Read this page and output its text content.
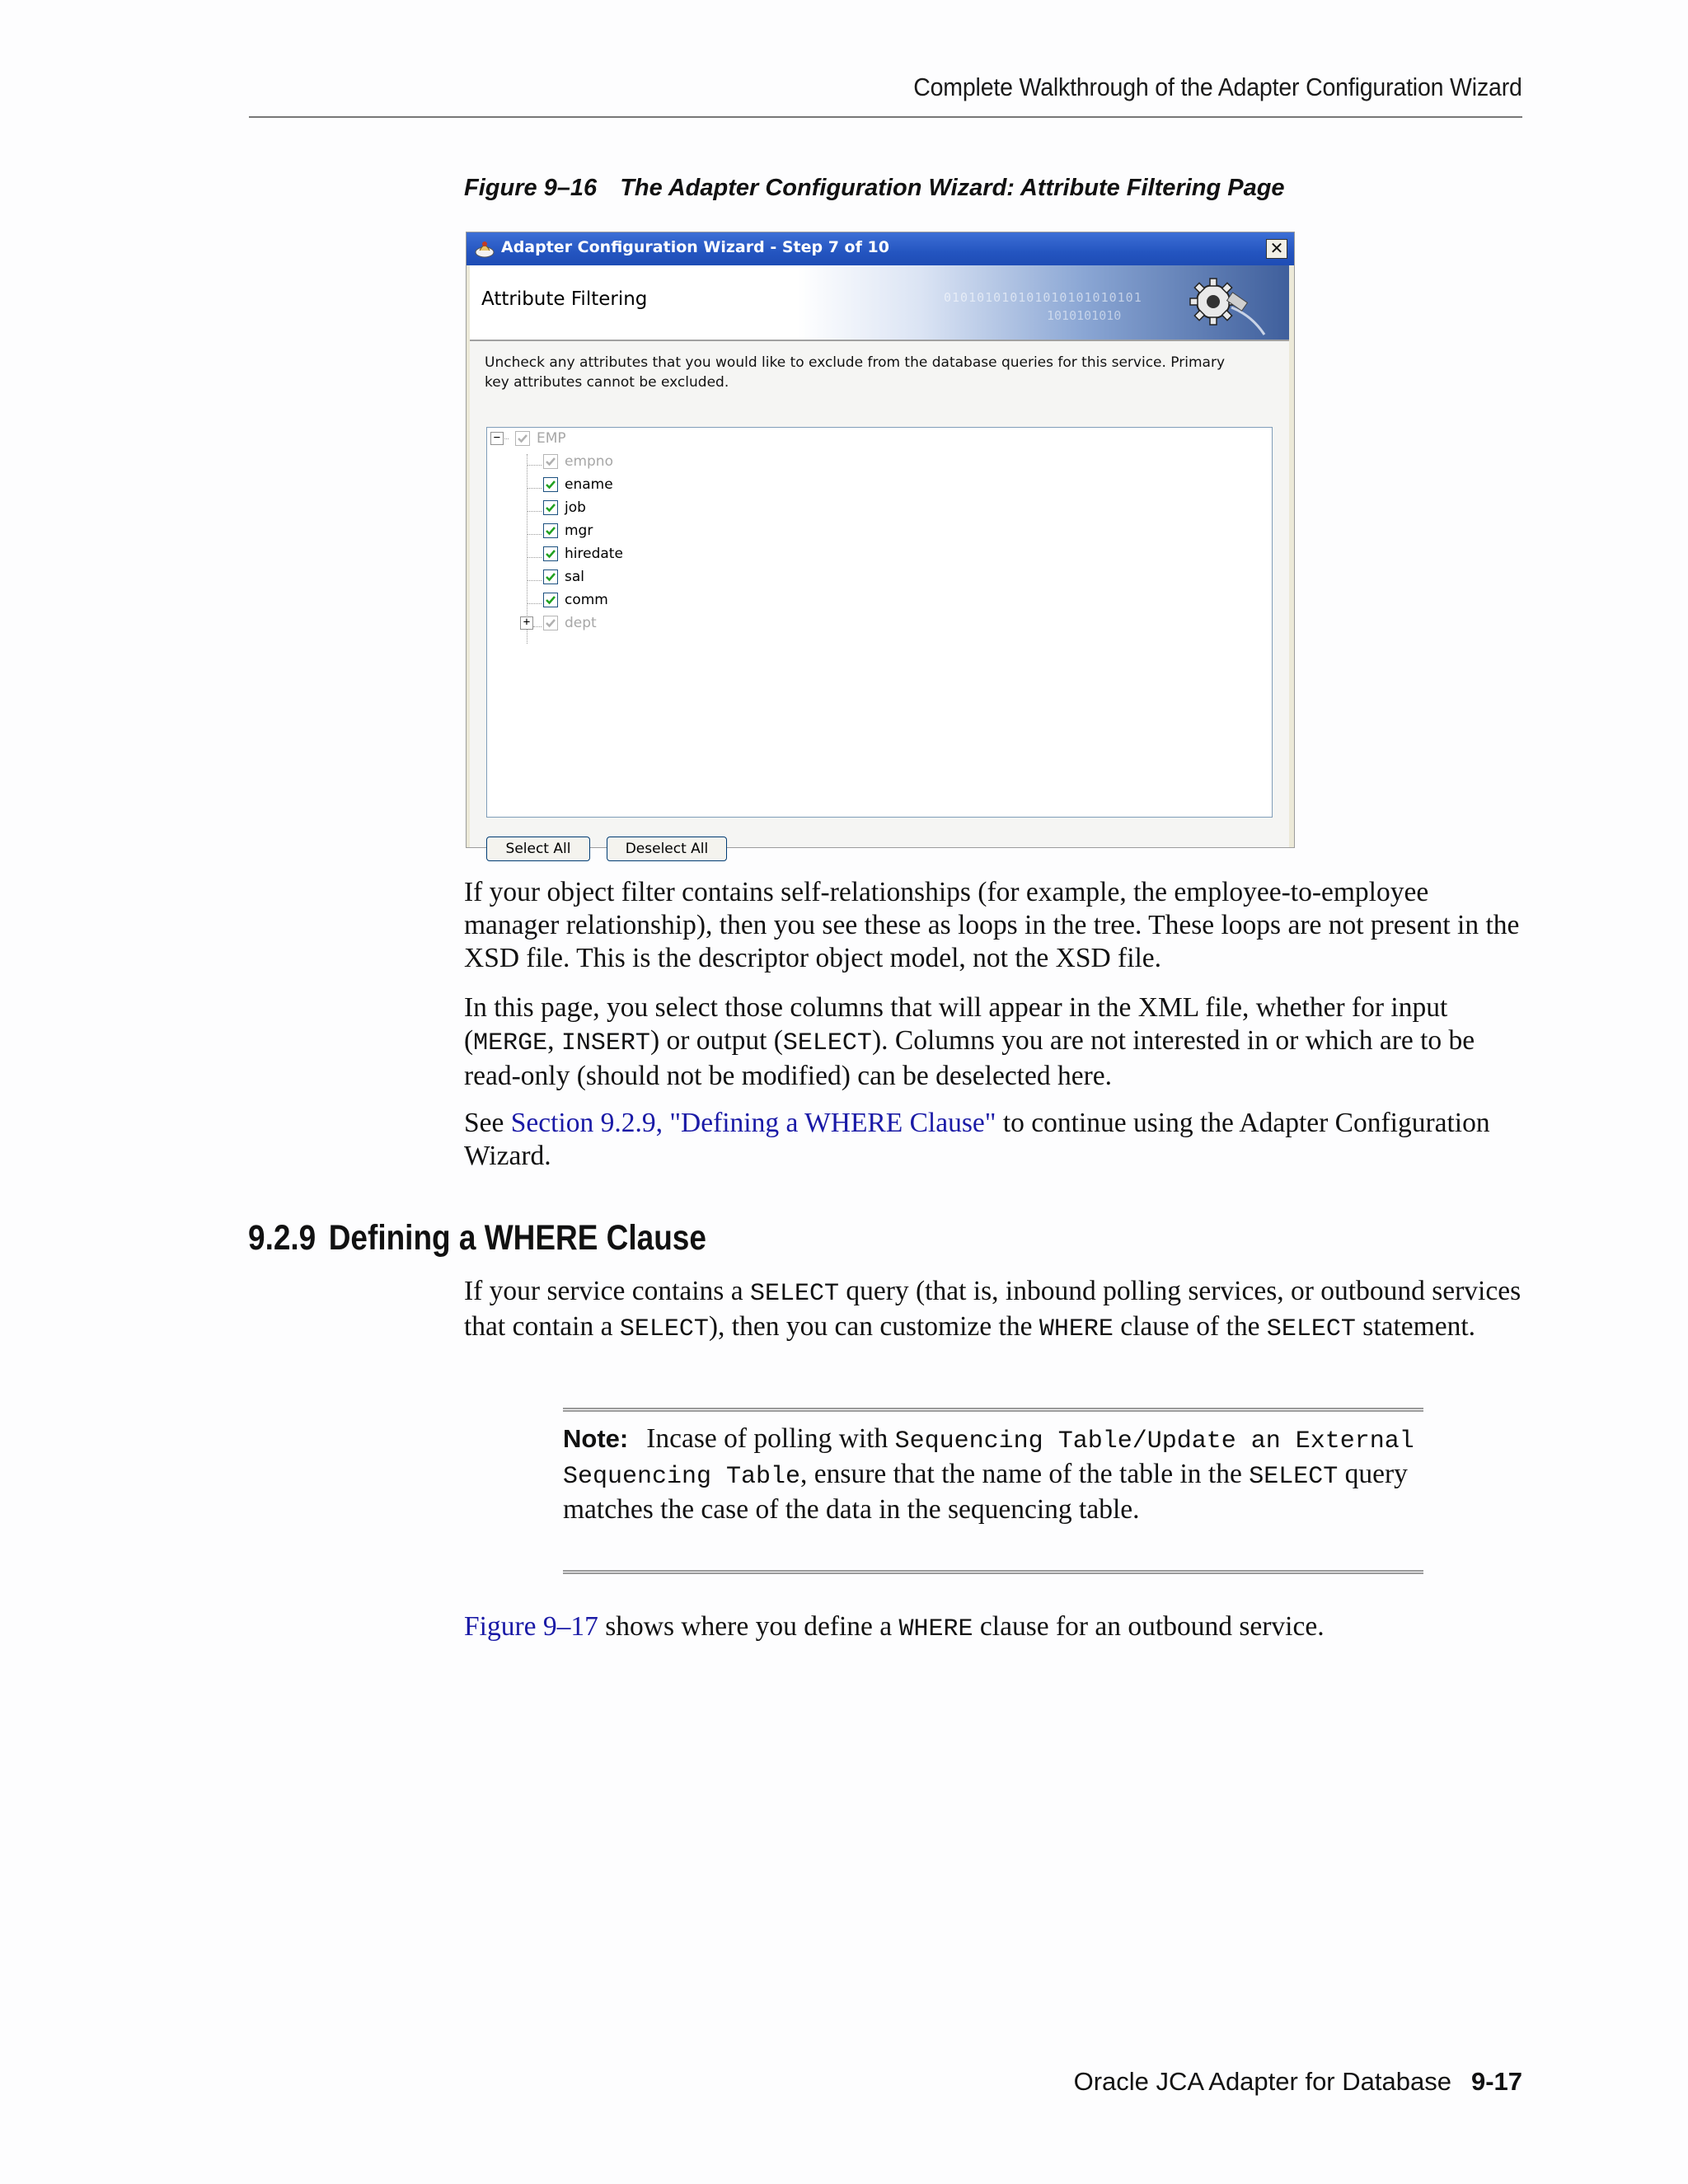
Complete Walkthrough of the Adapter Configuration Wizard
Figure 9–16 The Adapter Configuration Wizard: Attribute Filtering Page
Adapter Configuration Wizard - Step 7 of 10	✕
Attribute Filtering	010101010101010101010101
1010101010
Uncheck any attributes that you would like to exclude from the database queries for this service. Primary key attributes cannot be excluded.
−	EMP
empno
ename
job
mgr
hiredate
sal
comm
+ dept
Select All	Deselect All
If your object filter contains self-relationships (for example, the employee-to-employee manager relationship), then you see these as loops in the tree. These loops are not present in the XSD file. This is the descriptor object model, not the XSD file.
In this page, you select those columns that will appear in the XML file, whether for input (MERGE, INSERT) or output (SELECT). Columns you are not interested in or which are to be read-only (should not be modified) can be deselected here.
See Section 9.2.9, "Defining a WHERE Clause" to continue using the Adapter Configuration Wizard.
9.2.9 Defining a WHERE Clause
If your service contains a SELECT query (that is, inbound polling services, or outbound services that contain a SELECT), then you can customize the WHERE clause of the SELECT statement.
Note: Incase of polling with Sequencing Table/Update an External Sequencing Table, ensure that the name of the table in the SELECT query matches the case of the data in the sequencing table.
Figure 9–17 shows where you define a WHERE clause for an outbound service.
Oracle JCA Adapter for Database 9-17
